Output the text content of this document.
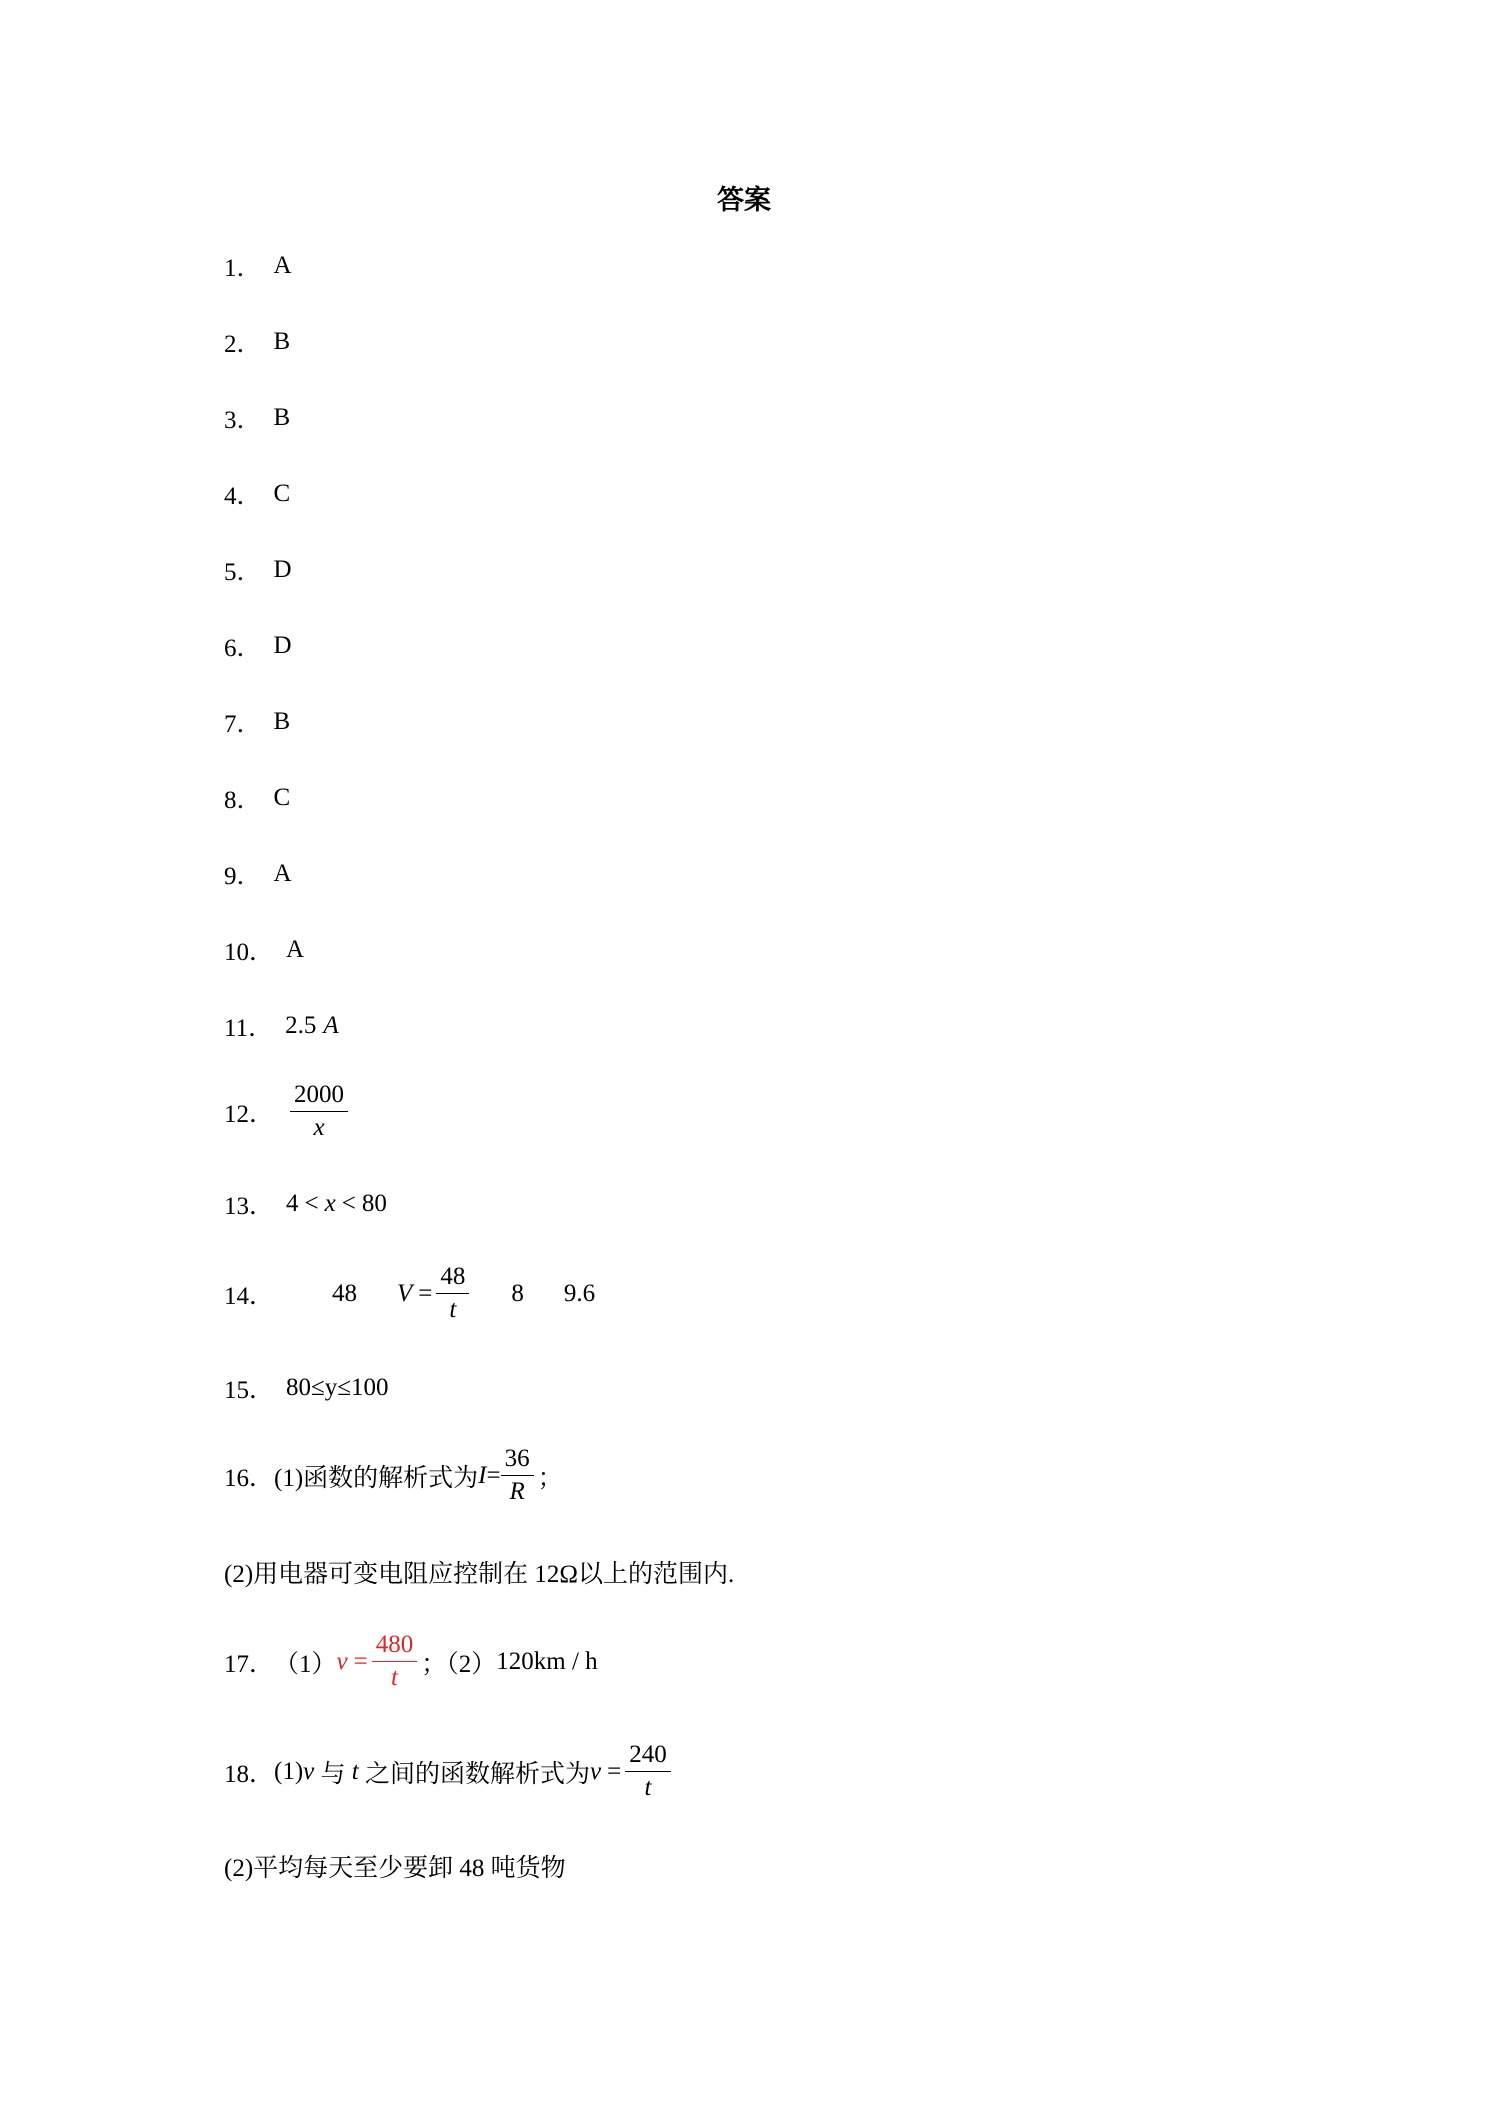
答案
1． A
2． B
3． B
4． C
5． D
6． D
7． B
8． C
9． A
10． A
11． 2.5 A
12． $\frac{2000}{x}$
13． 4 < x < 80
14． 48 $V = \frac{48}{t} 8$ 9.6
15． 80≤y≤100
16． (1)函数的解析式为 $I = \frac{36}{R}$ ；
(2)用电器可变电阻应控制在 12Ω以上的范围内.
17． （1） $v = \frac{480}{t}$ ；（2） 120km / h
18． (1) v 与 t 之间的函数解析式为 $v = \frac{240}{t}$
(2)平均每天至少要卸 48 吨货物
